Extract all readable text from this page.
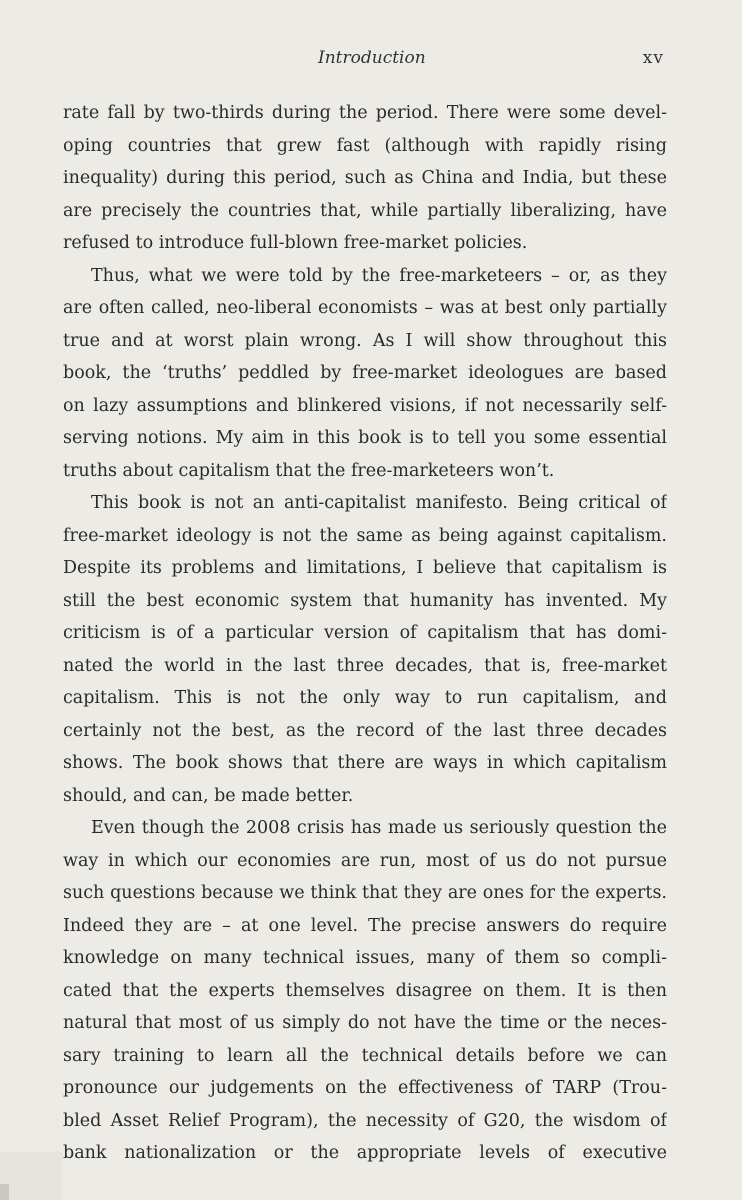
Introduction	xv
rate fall by two-thirds during the period. There were some devel-
oping countries that grew fast (although with rapidly rising
inequality) during this period, such as China and India, but these
are precisely the countries that, while partially liberalizing, have
refused to introduce full-blown free-market policies.
Thus, what we were told by the free-marketeers – or, as they
are often called, neo-liberal economists – was at best only partially
true and at worst plain wrong. As I will show throughout this
book, the ‘truths’ peddled by free-market ideologues are based
on lazy assumptions and blinkered visions, if not necessarily self-
serving notions. My aim in this book is to tell you some essential
truths about capitalism that the free-marketeers won’t.
This book is not an anti-capitalist manifesto. Being critical of
free-market ideology is not the same as being against capitalism.
Despite its problems and limitations, I believe that capitalism is
still the best economic system that humanity has invented. My
criticism is of a particular version of capitalism that has domi-
nated the world in the last three decades, that is, free-market
capitalism. This is not the only way to run capitalism, and
certainly not the best, as the record of the last three decades
shows. The book shows that there are ways in which capitalism
should, and can, be made better.
Even though the 2008 crisis has made us seriously question the
way in which our economies are run, most of us do not pursue
such questions because we think that they are ones for the experts.
Indeed they are – at one level. The precise answers do require
knowledge on many technical issues, many of them so compli-
cated that the experts themselves disagree on them. It is then
natural that most of us simply do not have the time or the neces-
sary training to learn all the technical details before we can
pronounce our judgements on the effectiveness of TARP (Trou-
bled Asset Relief Program), the necessity of G20, the wisdom of
bank nationalization or the appropriate levels of executive
